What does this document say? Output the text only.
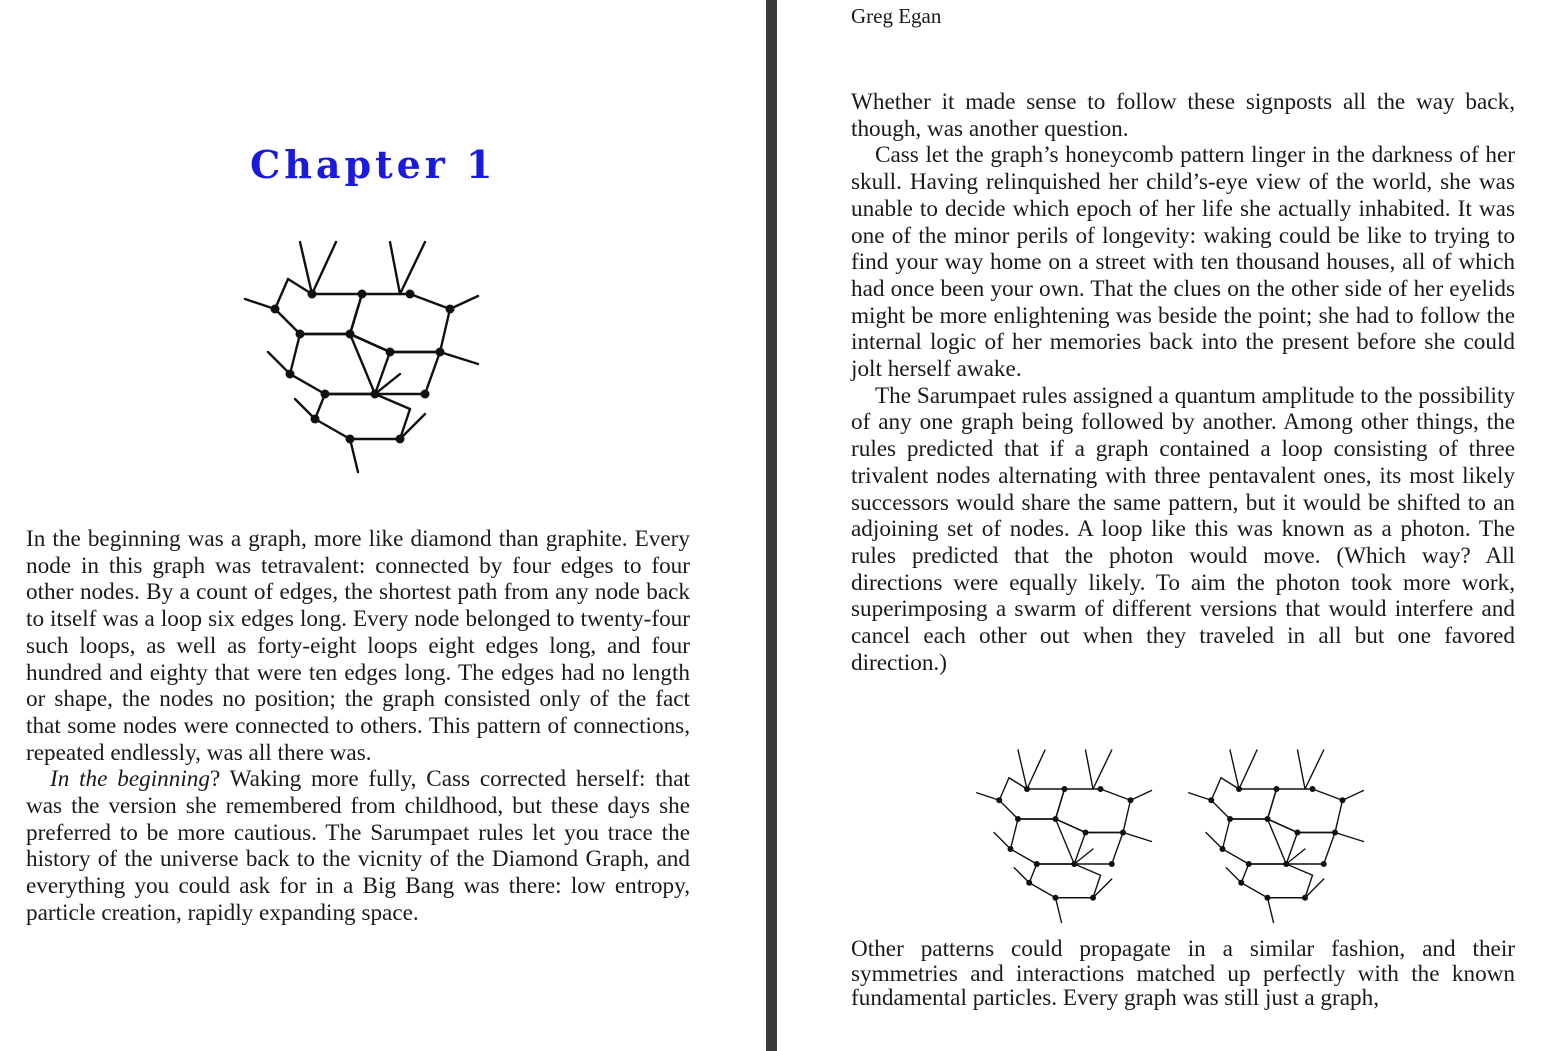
Chapter 1

In the beginning was a graph, more like diamond than graphite. Every node in this graph was tetravalent: connected by four edges to four other nodes. By a count of edges, the shortest path from any node back to itself was a loop six edges long. Every node belonged to twenty-four such loops, as well as forty-eight loops eight edges long, and four hundred and eighty that were ten edges long. The edges had no length or shape, the nodes no position; the graph consisted only of the fact that some nodes were connected to others. This pattern of connections, repeated endlessly, was all there was.

In the beginning? Waking more fully, Cass corrected herself: that was the version she remembered from childhood, but these days she preferred to be more cautious. The Sarumpaet rules let you trace the history of the universe back to the vicnity of the Diamond Graph, and everything you could ask for in a Big Bang was there: low entropy, particle creation, rapidly expanding space.

Greg Egan

Whether it made sense to follow these signposts all the way back, though, was another question.

Cass let the graph’s honeycomb pattern linger in the darkness of her skull. Having relinquished her child’s-eye view of the world, she was unable to decide which epoch of her life she actually inhabited. It was one of the minor perils of longevity: waking could be like to trying to find your way home on a street with ten thousand houses, all of which had once been your own. That the clues on the other side of her eyelids might be more enlightening was beside the point; she had to follow the internal logic of her memories back into the present before she could jolt herself awake.

The Sarumpaet rules assigned a quantum amplitude to the possibility of any one graph being followed by another. Among other things, the rules predicted that if a graph contained a loop consisting of three trivalent nodes alternating with three pentavalent ones, its most likely successors would share the same pattern, but it would be shifted to an adjoining set of nodes. A loop like this was known as a photon. The rules predicted that the photon would move. (Which way? All directions were equally likely. To aim the photon took more work, superimposing a swarm of different versions that would interfere and cancel each other out when they traveled in all but one favored direction.)

Other patterns could propagate in a similar fashion, and their symmetries and interactions matched up perfectly with the known fundamental particles. Every graph was still just a graph,
